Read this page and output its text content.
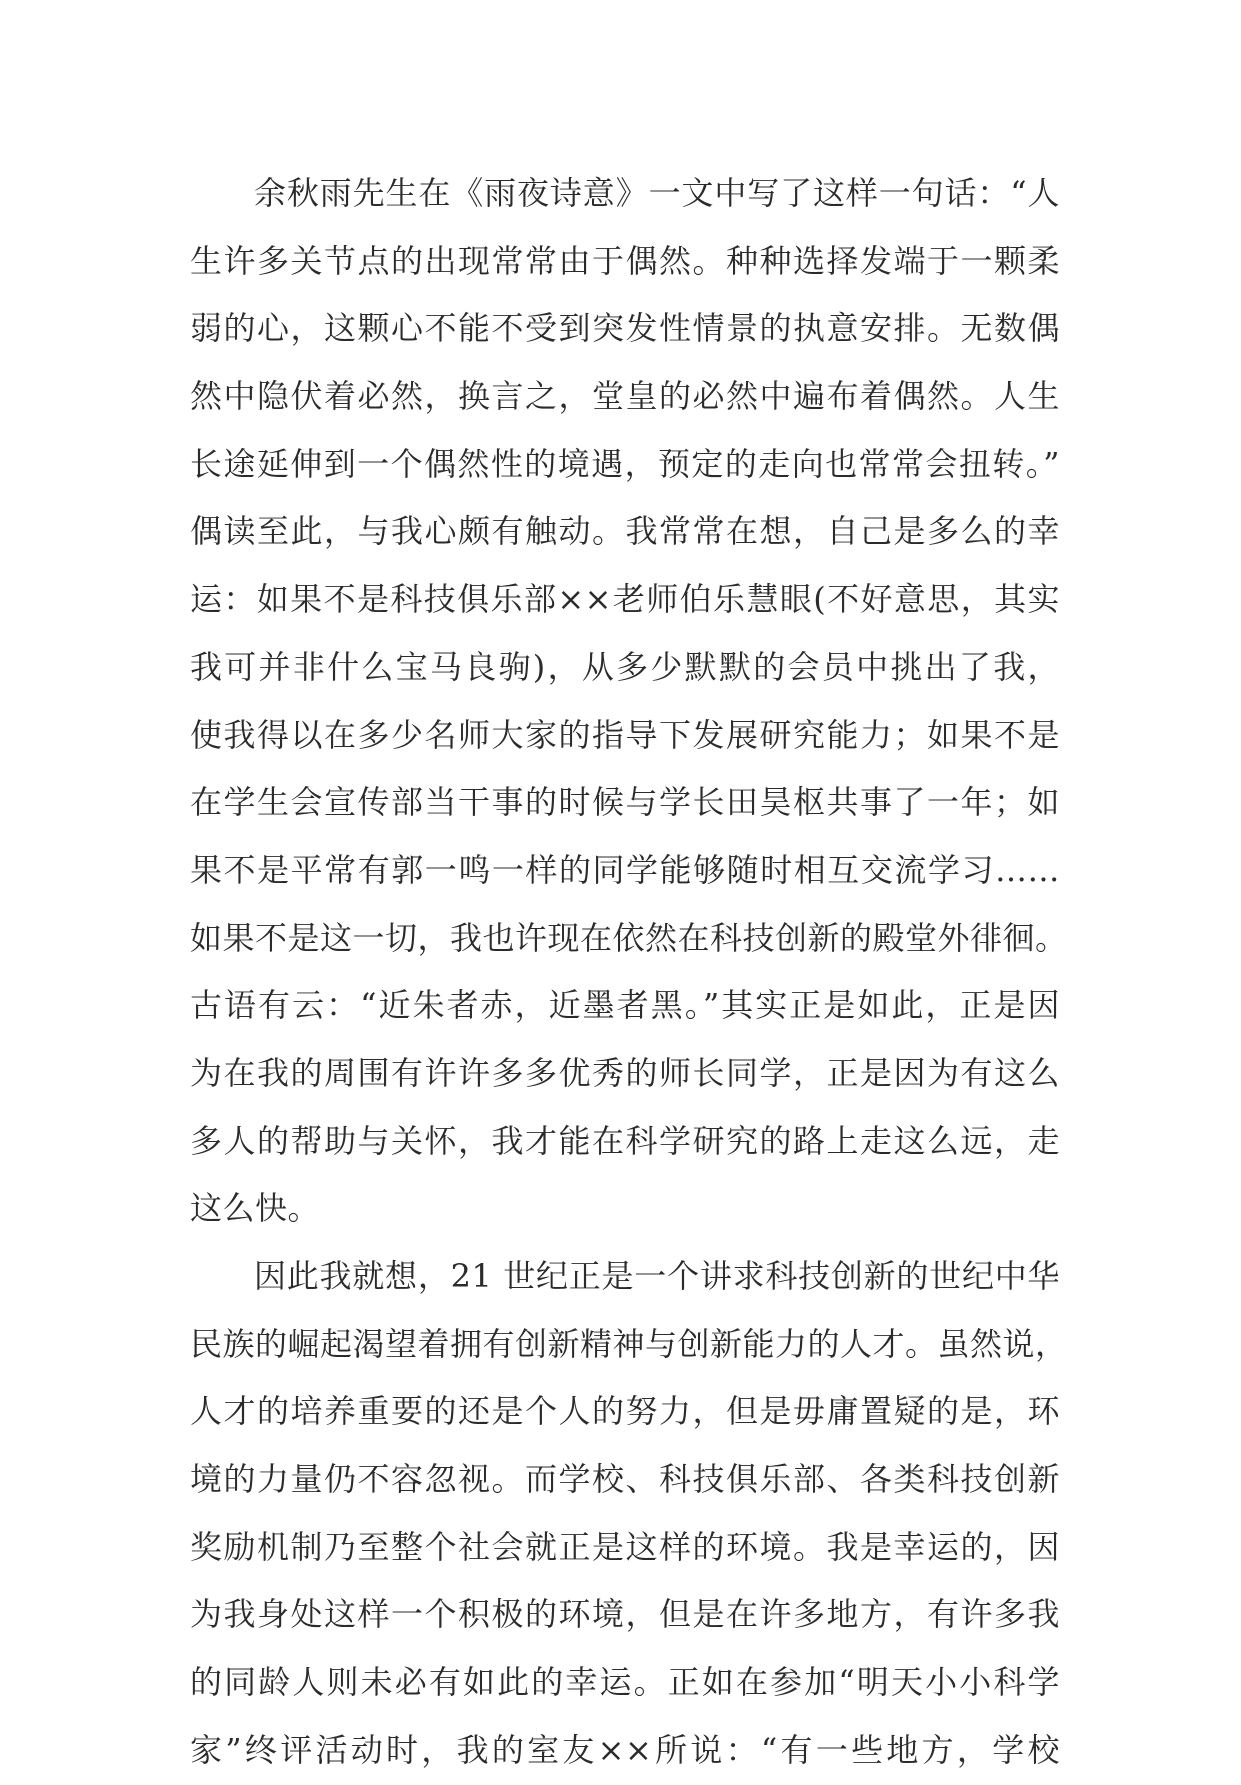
余秋雨先生在《雨夜诗意》一文中写了这样一句话：“人
生许多关节点的出现常常由于偶然。种种选择发端于一颗柔
弱的心，这颗心不能不受到突发性情景的执意安排。无数偶
然中隐伏着必然，换言之，堂皇的必然中遍布着偶然。人生
长途延伸到一个偶然性的境遇，预定的走向也常常会扭转。”
偶读至此，与我心颇有触动。我常常在想，自己是多么的幸
运：如果不是科技俱乐部××老师伯乐慧眼(不好意思，其实
我可并非什么宝马良驹)，从多少默默的会员中挑出了我，
使我得以在多少名师大家的指导下发展研究能力；如果不是
在学生会宣传部当干事的时候与学长田昊枢共事了一年；如
果不是平常有郭一鸣一样的同学能够随时相互交流学习……
如果不是这一切，我也许现在依然在科技创新的殿堂外徘徊。
古语有云：“近朱者赤，近墨者黑。”其实正是如此，正是因
为在我的周围有许许多多优秀的师长同学，正是因为有这么
多人的帮助与关怀，我才能在科学研究的路上走这么远，走
这么快。
因此我就想，21 世纪正是一个讲求科技创新的世纪中华
民族的崛起渴望着拥有创新精神与创新能力的人才。虽然说，
人才的培养重要的还是个人的努力，但是毋庸置疑的是，环
境的力量仍不容忽视。而学校、科技俱乐部、各类科技创新
奖励机制乃至整个社会就正是这样的环境。我是幸运的，因
为我身处这样一个积极的环境，但是在许多地方，有许多我
的同龄人则未必有如此的幸运。正如在参加“明天小小科学
家”终评活动时，我的室友××所说：“有一些地方，学校
